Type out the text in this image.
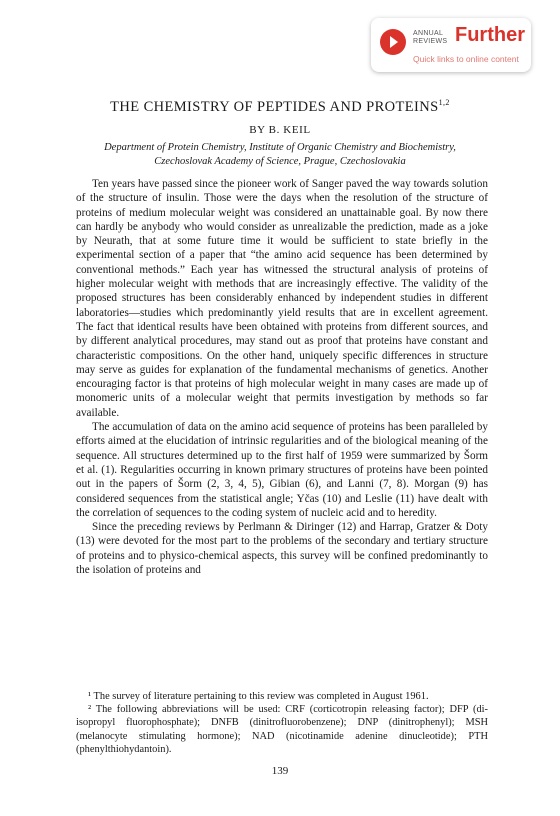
ANNUAL
REVIEWS Further
Quick links to online content
THE CHEMISTRY OF PEPTIDES AND PROTEINS$^{1,2}$
BY B. KEIL
Department of Protein Chemistry, Institute of Organic Chemistry and Biochemistry,
Czechoslovak Academy of Science, Prague, Czechoslovakia

Ten years have passed since the pioneer work of Sanger paved the way towards solution of the structure of insulin. Those were the days when the resolution of the structure of proteins of medium molecular weight was considered an unattainable goal. By now there can hardly be anybody who would consider as unrealizable the prediction, made as a joke by Neurath, that at some future time it would be sufficient to state briefly in the experimental section of a paper that “the amino acid sequence has been determined by conventional methods.” Each year has witnessed the structural analysis of proteins of higher molecular weight with methods that are increasingly effective. The validity of the proposed structures has been considerably enhanced by independent studies in different laboratories—studies which predominantly yield results that are in excellent agreement. The fact that identical results have been obtained with proteins from different sources, and by different analytical procedures, may stand out as proof that proteins have constant and characteristic compositions. On the other hand, uniquely specific differences in structure may serve as guides for explanation of the fundamental mechanisms of genetics. Another encouraging factor is that proteins of high molecular weight in many cases are made up of monomeric units of a molecular weight that permits investigation by methods so far available.

The accumulation of data on the amino acid sequence of proteins has been paralleled by efforts aimed at the elucidation of intrinsic regularities and of the biological meaning of the sequence. All structures determined up to the first half of 1959 were summarized by Šorm et al. (1). Regularities occurring in known primary structures of proteins have been pointed out in the papers of Šorm (2, 3, 4, 5), Gibian (6), and Lanni (7, 8). Morgan (9) has considered sequences from the statistical angle; Yčas (10) and Leslie (11) have dealt with the correlation of sequences to the coding system of nucleic acid and to heredity.

Since the preceding reviews by Perlmann & Diringer (12) and Harrap, Gratzer & Doty (13) were devoted for the most part to the problems of the secondary and tertiary structure of proteins and to physico-chemical aspects, this survey will be confined predominantly to the isolation of proteins and

¹ The survey of literature pertaining to this review was completed in August 1961.

² The following abbreviations will be used: CRF (corticotropin releasing factor); DFP (di-isopropyl fluorophosphate); DNFB (dinitrofluorobenzene); DNP (dinitrophenyl); MSH (melanocyte stimulating hormone); NAD (nicotinamide adenine dinucleotide); PTH (phenylthiohydantoin).

139
